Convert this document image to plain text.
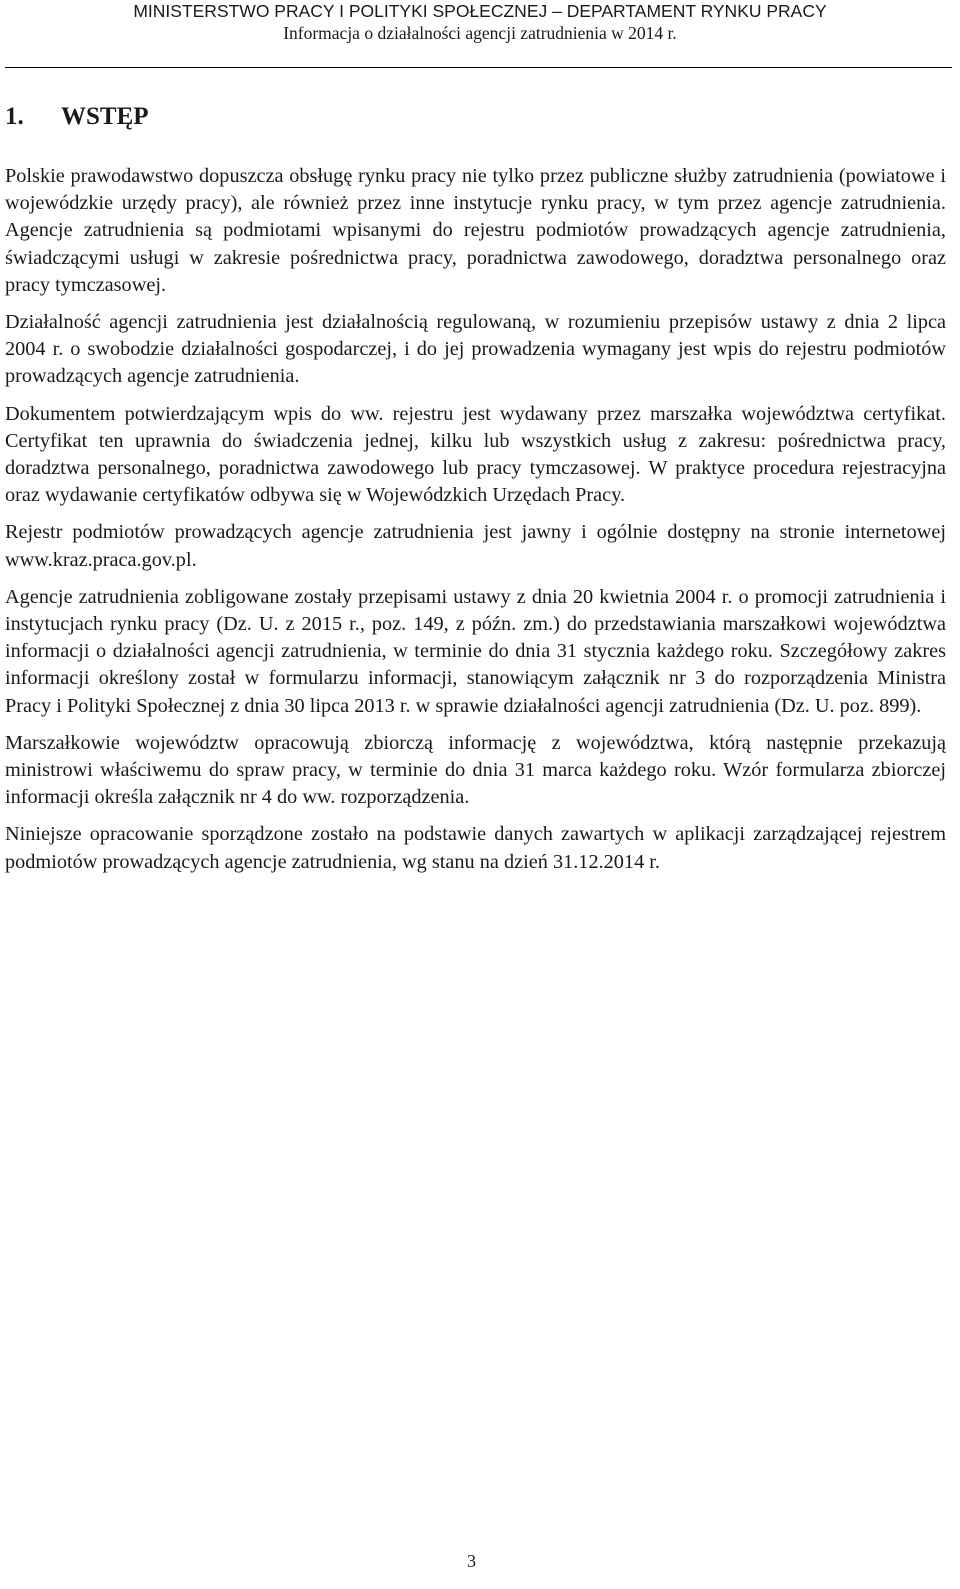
MINISTERSTWO PRACY I POLITYKI SPOŁECZNEJ – DEPARTAMENT RYNKU PRACY
Informacja o działalności agencji zatrudnienia w 2014 r.
1. WSTĘP

Polskie prawodawstwo dopuszcza obsługę rynku pracy nie tylko przez publiczne służby zatrudnienia (powiatowe i wojewódzkie urzędy pracy), ale również przez inne instytucje rynku pracy, w tym przez agencje zatrudnienia. Agencje zatrudnienia są podmiotami wpisanymi do rejestru podmiotów prowadzących agencje zatrudnienia, świadczącymi usługi w zakresie pośrednictwa pracy, poradnictwa zawodowego, doradztwa personalnego oraz pracy tymczasowej.

Działalność agencji zatrudnienia jest działalnością regulowaną, w rozumieniu przepisów ustawy z dnia 2 lipca 2004 r. o swobodzie działalności gospodarczej, i do jej prowadzenia wymagany jest wpis do rejestru podmiotów prowadzących agencje zatrudnienia.

Dokumentem potwierdzającym wpis do ww. rejestru jest wydawany przez marszałka województwa certyfikat. Certyfikat ten uprawnia do świadczenia jednej, kilku lub wszystkich usług z zakresu: pośrednictwa pracy, doradztwa personalnego, poradnictwa zawodowego lub pracy tymczasowej. W praktyce procedura rejestracyjna oraz wydawanie certyfikatów odbywa się w Wojewódzkich Urzędach Pracy.

Rejestr podmiotów prowadzących agencje zatrudnienia jest jawny i ogólnie dostępny na stronie internetowej www.kraz.praca.gov.pl.

Agencje zatrudnienia zobligowane zostały przepisami ustawy z dnia 20 kwietnia 2004 r. o promocji zatrudnienia i instytucjach rynku pracy (Dz. U. z 2015 r., poz. 149, z późn. zm.) do przedstawiania marszałkowi województwa informacji o działalności agencji zatrudnienia, w terminie do dnia 31 stycznia każdego roku. Szczegółowy zakres informacji określony został w formularzu informacji, stanowiącym załącznik nr 3 do rozporządzenia Ministra Pracy i Polityki Społecznej z dnia 30 lipca 2013 r. w sprawie działalności agencji zatrudnienia (Dz. U. poz. 899).

Marszałkowie województw opracowują zbiorczą informację z województwa, którą następnie przekazują ministrowi właściwemu do spraw pracy, w terminie do dnia 31 marca każdego roku. Wzór formularza zbiorczej informacji określa załącznik nr 4 do ww. rozporządzenia.

Niniejsze opracowanie sporządzone zostało na podstawie danych zawartych w aplikacji zarządzającej rejestrem podmiotów prowadzących agencje zatrudnienia, wg stanu na dzień 31.12.2014 r.

3
